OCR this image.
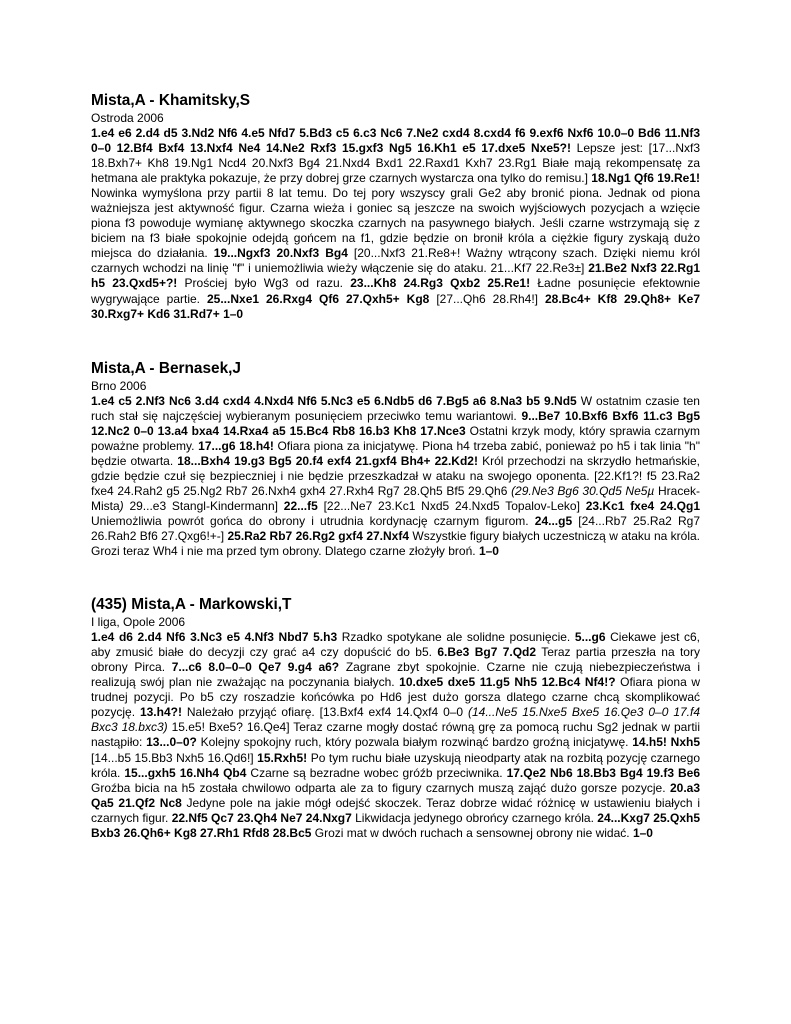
Mista,A - Khamitsky,S
Ostroda 2006
1.e4 e6 2.d4 d5 3.Nd2 Nf6 4.e5 Nfd7 5.Bd3 c5 6.c3 Nc6 7.Ne2 cxd4 8.cxd4 f6 9.exf6 Nxf6 10.0–0 Bd6 11.Nf3 0–0 12.Bf4 Bxf4 13.Nxf4 Ne4 14.Ne2 Rxf3 15.gxf3 Ng5 16.Kh1 e5 17.dxe5 Nxe5?! Lepsze jest: [17...Nxf3 18.Bxh7+ Kh8 19.Ng1 Ncd4 20.Nxf3 Bg4 21.Nxd4 Bxd1 22.Raxd1 Kxh7 23.Rg1 Białe mają rekompensatę za hetmana ale praktyka pokazuje, że przy dobrej grze czarnych wystarcza ona tylko do remisu.] 18.Ng1 Qf6 19.Re1! Nowinka wymyślona przy partii 8 lat temu. Do tej pory wszyscy grali Ge2 aby bronić piona. Jednak od piona ważniejsza jest aktywność figur. Czarna wieża i goniec są jeszcze na swoich wyjściowych pozycjach a wzięcie piona f3 powoduje wymianę aktywnego skoczka czarnych na pasywnego białych. Jeśli czarne wstrzymają się z biciem na f3 białe spokojnie odejdą gońcem na f1, gdzie będzie on bronił króla a ciężkie figury zyskają dużo miejsca do działania. 19...Ngxf3 20.Nxf3 Bg4 [20...Nxf3 21.Re8+! Ważny wtrącony szach. Dzięki niemu król czarnych wchodzi na linię "f" i uniemożliwia wieży włączenie się do ataku. 21...Kf7 22.Re3±] 21.Be2 Nxf3 22.Rg1 h5 23.Qxd5+?! Prościej było Wg3 od razu. 23...Kh8 24.Rg3 Qxb2 25.Re1! Ładne posunięcie efektownie wygrywające partie. 25...Nxe1 26.Rxg4 Qf6 27.Qxh5+ Kg8 [27...Qh6 28.Rh4!] 28.Bc4+ Kf8 29.Qh8+ Ke7 30.Rxg7+ Kd6 31.Rd7+ 1–0
Mista,A - Bernasek,J
Brno 2006
1.e4 c5 2.Nf3 Nc6 3.d4 cxd4 4.Nxd4 Nf6 5.Nc3 e5 6.Ndb5 d6 7.Bg5 a6 8.Na3 b5 9.Nd5 W ostatnim czasie ten ruch stał się najczęściej wybieranym posunięciem przeciwko temu wariantowi. 9...Be7 10.Bxf6 Bxf6 11.c3 Bg5 12.Nc2 0–0 13.a4 bxa4 14.Rxa4 a5 15.Bc4 Rb8 16.b3 Kh8 17.Nce3 Ostatni krzyk mody, który sprawia czarnym poważne problemy. 17...g6 18.h4! Ofiara piona za inicjatywę. Piona h4 trzeba zabić, ponieważ po h5 i tak linia "h" będzie otwarta. 18...Bxh4 19.g3 Bg5 20.f4 exf4 21.gxf4 Bh4+ 22.Kd2! Król przechodzi na skrzydło hetmańskie, gdzie będzie czuł się bezpieczniej i nie będzie przeszkadzał w ataku na swojego oponenta. [22.Kf1?! f5 23.Ra2 fxe4 24.Rah2 g5 25.Ng2 Rb7 26.Nxh4 gxh4 27.Rxh4 Rg7 28.Qh5 Bf5 29.Qh6 (29.Ne3 Bg6 30.Qd5 Ne5µ Hracek-Mista) 29...e3 Stangl-Kindermann] 22...f5 [22...Ne7 23.Kc1 Nxd5 24.Nxd5 Topalov-Leko] 23.Kc1 fxe4 24.Qg1 Uniemożliwia powrót gońca do obrony i utrudnia kordynację czarnym figurom. 24...g5 [24...Rb7 25.Ra2 Rg7 26.Rah2 Bf6 27.Qxg6!+-] 25.Ra2 Rb7 26.Rg2 gxf4 27.Nxf4 Wszystkie figury białych uczestniczą w ataku na króla. Grozi teraz Wh4 i nie ma przed tym obrony. Dlatego czarne złożyły broń. 1–0
(435) Mista,A - Markowski,T
I liga, Opole 2006
1.e4 d6 2.d4 Nf6 3.Nc3 e5 4.Nf3 Nbd7 5.h3 Rzadko spotykane ale solidne posunięcie. 5...g6 Ciekawe jest c6, aby zmusić białe do decyzji czy grać a4 czy dopuścić do b5. 6.Be3 Bg7 7.Qd2 Teraz partia przeszła na tory obrony Pirca. 7...c6 8.0–0–0 Qe7 9.g4 a6? Zagrane zbyt spokojnie. Czarne nie czują niebezpieczeństwa i realizują swój plan nie zważając na poczynania białych. 10.dxe5 dxe5 11.g5 Nh5 12.Bc4 Nf4!? Ofiara piona w trudnej pozycji. Po b5 czy roszadzie końcówka po Hd6 jest dużo gorsza dlatego czarne chcą skomplikować pozycję. 13.h4?! Należało przyjąć ofiarę. [13.Bxf4 exf4 14.Qxf4 0–0 (14...Ne5 15.Nxe5 Bxe5 16.Qe3 0–0 17.f4 Bxc3 18.bxc3) 15.e5! Bxe5? 16.Qe4] Teraz czarne mogły dostać równą grę za pomocą ruchu Sg2 jednak w partii nastąpiło: 13...0–0? Kolejny spokojny ruch, który pozwala białym rozwinąć bardzo groźną inicjatywę. 14.h5! Nxh5 [14...b5 15.Bb3 Nxh5 16.Qd6!] 15.Rxh5! Po tym ruchu białe uzyskują nieodparty atak na rozbitą pozycję czarnego króla. 15...gxh5 16.Nh4 Qb4 Czarne są bezradne wobec gróźb przeciwnika. 17.Qe2 Nb6 18.Bb3 Bg4 19.f3 Be6 Groźba bicia na h5 została chwilowo odparta ale za to figury czarnych muszą zająć dużo gorsze pozycje. 20.a3 Qa5 21.Qf2 Nc8 Jedyne pole na jakie mógł odejść skoczek. Teraz dobrze widać różnicę w ustawieniu białych i czarnych figur. 22.Nf5 Qc7 23.Qh4 Ne7 24.Nxg7 Likwidacja jedynego obrońcy czarnego króla. 24...Kxg7 25.Qxh5 Bxb3 26.Qh6+ Kg8 27.Rh1 Rfd8 28.Bc5 Grozi mat w dwóch ruchach a sensownej obrony nie widać. 1–0
